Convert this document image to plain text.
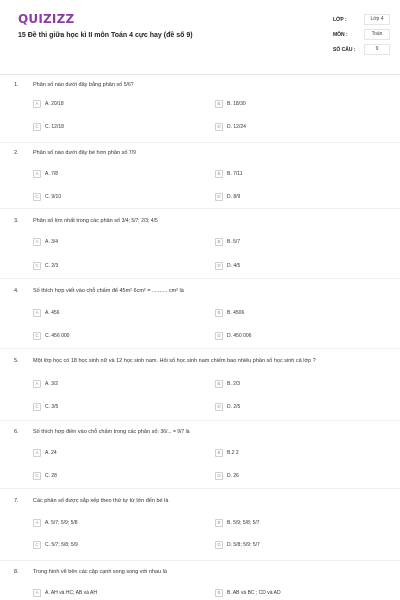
QUIZIZZ
15 Đề thi giữa học kì II môn Toán 4 cực hay (đề số 9)
LỚP :	Lớp 4
MÔN :	Toán
SỐ CÂU :	9
1.	Phân số nào dưới đây bằng phân số 5/6?
A A. 20/18	B B. 18/30
C C. 12/18	D D. 12/24
2.	Phân số nào dưới đây bé hơn phân số 7/9
A A. 7/8	B B. 7/11
C C. 9/10	D D. 8/9
3.	Phân số lớn nhất trong các phân số 3/4; 5/7; 2/3; 4/5
A A. 3/4	B B. 5/7
C C. 2/3	D D. 4/5
4.	Số thích hợp viết vào chỗ chấm để 45m² 6cm² = .......... cm² là
A A. 456	B B. 4506
C C. 456 000	D D. 450 006
5.	Một lớp học có 18 học sinh nữ và 12 học sinh nam. Hỏi số học sinh nam chiếm bao nhiêu phần số học sinh cả lớp ?
A A. 3/2	B B. 2/3
C C. 3/5	D D. 2/5
6.	Số thích hợp điền vào chỗ chấm trong các phân số: 36/... = 9/7 là
A A. 24	B B.2 2
C C. 28	D D. 26
7.	Các phân số được sắp xếp theo thứ tự từ lớn đến bé là
A A. 5/7; 5/9; 5/8	B B. 5/9; 5/8; 5/7
C C. 5/7; 5/8; 5/9	D D. 5/8; 5/9; 5/7
8.	Trong hình vẽ bên các cặp cạnh song song với nhau là
A A. AH và HC; AB và AH	B B. AB và BC ; CD và AD
